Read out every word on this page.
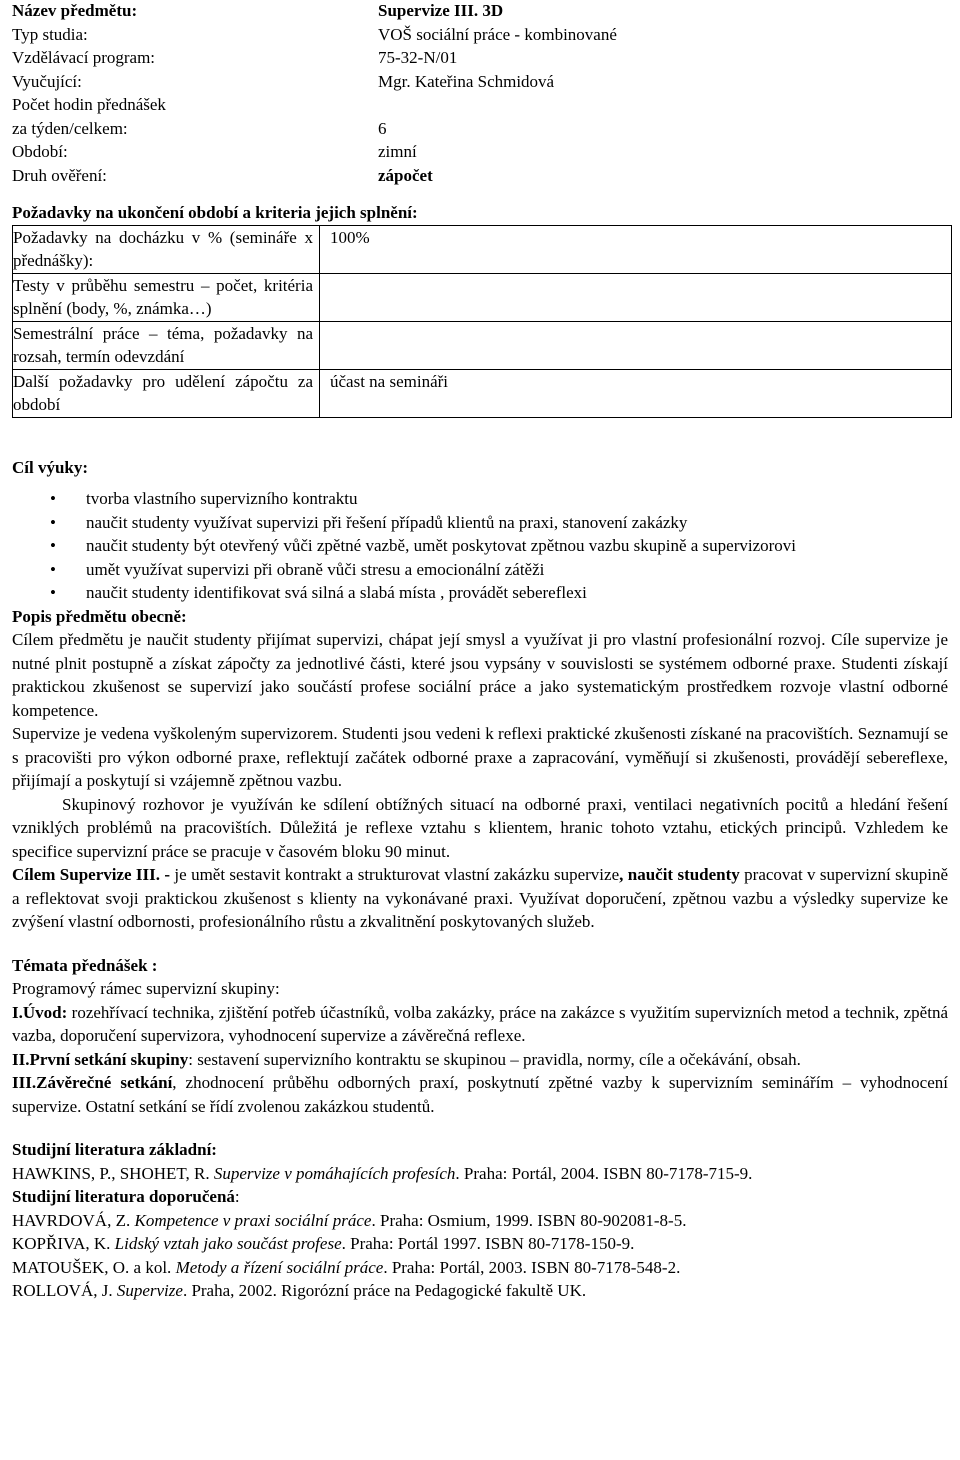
Název předmětu:	Supervize III. 3D
Typ studia:	VOŠ sociální práce - kombinované
Vzdělávací program:	75-32-N/01
Vyučující:	Mgr. Kateřina Schmidová
Počet hodin přednášek
za týden/celkem:	6
Období:	zimní
Druh ověření:	zápočet
Požadavky na ukončení období a kriteria jejich splnění:
Požadavky na docházku v % (semináře x přednášky):	100%
Testy v průběhu semestru – počet, kritéria splnění (body, %, známka…)	
Semestrální práce – téma, požadavky na rozsah, termín odevzdání	
Další požadavky pro udělení zápočtu za období	účast na semináři
Cíl výuky:
• tvorba vlastního supervizního kontraktu
• naučit studenty využívat supervizi při řešení případů klientů na praxi, stanovení zakázky
• naučit studenty být otevřený vůči zpětné vazbě, umět poskytovat zpětnou vazbu skupině a supervizorovi
• umět využívat supervizi při obraně vůči stresu a emocionální zátěži
• naučit studenty identifikovat svá silná a slabá místa , provádět sebereflexi
Popis předmětu obecně:
Cílem předmětu je naučit studenty přijímat supervizi, chápat její smysl a využívat ji pro vlastní profesionální rozvoj. Cíle supervize je nutné plnit postupně a získat zápočty za jednotlivé části, které jsou vypsány v souvislosti se systémem odborné praxe. Studenti získají praktickou zkušenost se supervizí jako součástí profese sociální práce a jako systematickým prostředkem rozvoje vlastní odborné kompetence.
Supervize je vedena vyškoleným supervizorem. Studenti jsou vedeni k reflexi praktické zkušenosti získané na pracovištích. Seznamují se s pracovišti pro výkon odborné praxe, reflektují začátek odborné praxe a zapracování, vyměňují si zkušenosti, provádějí sebereflexe, přijímají a poskytují si vzájemně zpětnou vazbu.
Skupinový rozhovor je využíván ke sdílení obtížných situací na odborné praxi, ventilaci negativních pocitů a hledání řešení vzniklých problémů na pracovištích. Důležitá je reflexe vztahu s klientem, hranic tohoto vztahu, etických principů. Vzhledem ke specifice supervizní práce se pracuje v časovém bloku 90 minut.
Cílem Supervize III. - je umět sestavit kontrakt a strukturovat vlastní zakázku supervize, naučit studenty pracovat v supervizní skupině a reflektovat svoji praktickou zkušenost s klienty na vykonávané praxi. Využívat doporučení, zpětnou vazbu a výsledky supervize ke zvýšení vlastní odbornosti, profesionálního růstu a zkvalitnění poskytovaných služeb.
Témata přednášek :
Programový rámec supervizní skupiny:
I.Úvod: rozehřívací technika, zjištění potřeb účastníků, volba zakázky, práce na zakázce s využitím supervizních metod a technik, zpětná vazba, doporučení supervizora, vyhodnocení supervize a závěrečná reflexe.
II.První setkání skupiny: sestavení supervizního kontraktu se skupinou – pravidla, normy, cíle a očekávání, obsah.
III.Závěrečné setkání, zhodnocení průběhu odborných praxí, poskytnutí zpětné vazby k supervizním seminářím – vyhodnocení supervize. Ostatní setkání se řídí zvolenou zakázkou studentů.
Studijní literatura základní:
HAWKINS, P., SHOHET, R. Supervize v pomáhajících profesích. Praha: Portál, 2004. ISBN 80-7178-715-9.
Studijní literatura doporučená:
HAVRDOVÁ, Z. Kompetence v praxi sociální práce. Praha: Osmium, 1999. ISBN 80-902081-8-5.
KOPŘIVA, K. Lidský vztah jako součást profese. Praha: Portál 1997. ISBN 80-7178-150-9.
MATOUŠEK, O. a kol. Metody a řízení sociální práce. Praha: Portál, 2003. ISBN 80-7178-548-2.
ROLLOVÁ, J. Supervize. Praha, 2002. Rigorózní práce na Pedagogické fakultě UK.
